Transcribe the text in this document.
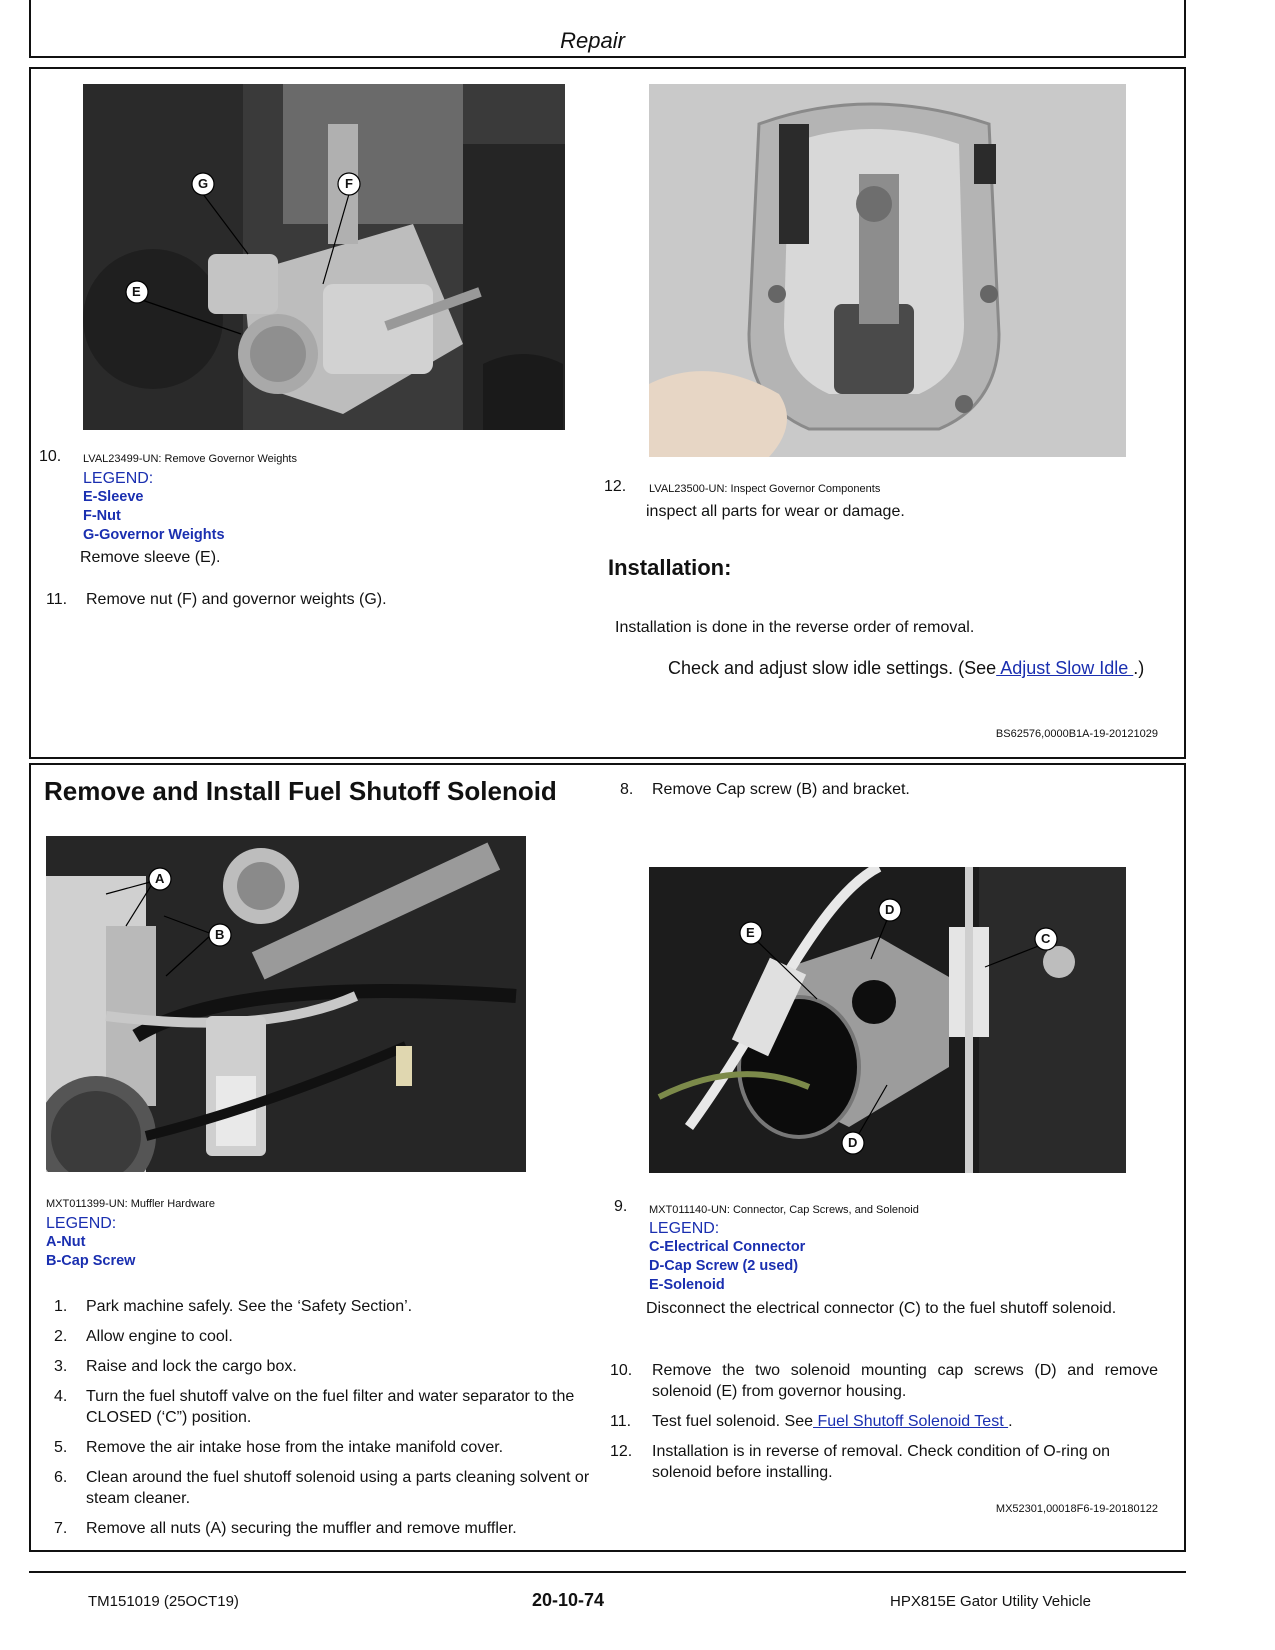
Repair
G	F
E
10. LVAL23499-UN: Remove Governor Weights
LEGEND:
E-Sleeve
F-Nut
G-Governor Weights
Remove sleeve (E).
11. Remove nut (F) and governor weights (G).
12. LVAL23500-UN: Inspect Governor Components
inspect all parts for wear or damage.
Installation:
Installation is done in the reverse order of removal.
Check and adjust slow idle settings. (See Adjust Slow Idle .)
BS62576,0000B1A-19-20121029
Remove and Install Fuel Shutoff Solenoid
A
B
MXT011399-UN: Muffler Hardware
LEGEND:
A-Nut
B-Cap Screw
1. Park machine safely. See the ‘Safety Section’.
2. Allow engine to cool.
3. Raise and lock the cargo box.
4. Turn the fuel shutoff valve on the fuel filter and water separator to the CLOSED (‘C”) position.
5. Remove the air intake hose from the intake manifold cover.
6. Clean around the fuel shutoff solenoid using a parts cleaning solvent or steam cleaner.
7. Remove all nuts (A) securing the muffler and remove muffler.
8. Remove Cap screw (B) and bracket.
E
D
C
D
9. MXT011140-UN: Connector, Cap Screws, and Solenoid
LEGEND:
C-Electrical Connector
D-Cap Screw (2 used)
E-Solenoid
Disconnect the electrical connector (C) to the fuel shutoff solenoid.
10. Remove the two solenoid mounting cap screws (D) and remove solenoid (E) from governor housing.
11. Test fuel solenoid. See Fuel Shutoff Solenoid Test .
12. Installation is in reverse of removal. Check condition of O-ring on solenoid before installing.
MX52301,00018F6-19-20180122
TM151019 (25OCT19)	20-10-74	HPX815E Gator Utility Vehicle
